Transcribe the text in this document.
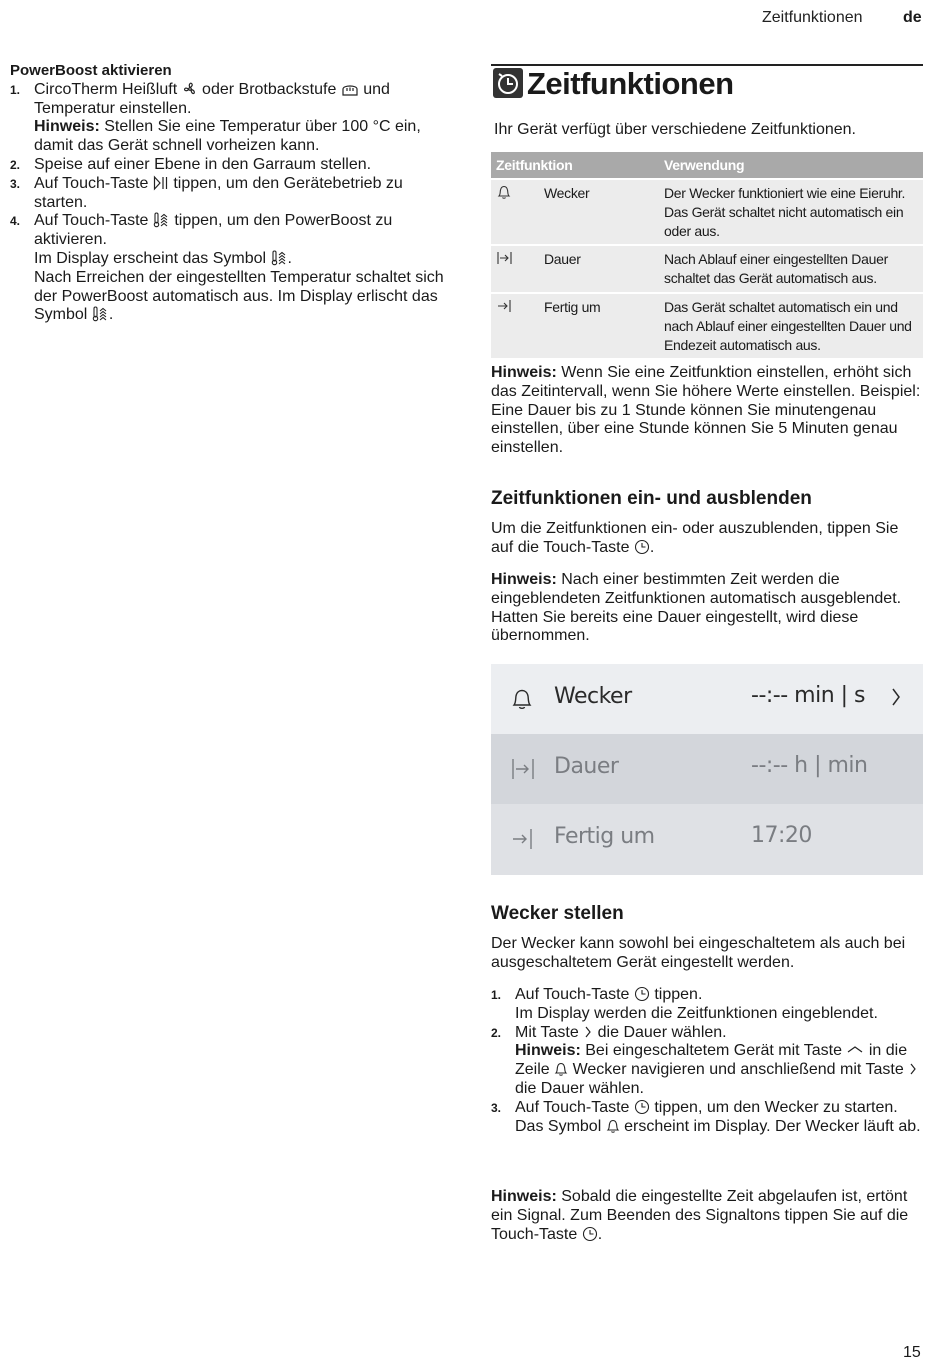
Zeitfunktionen	de
PowerBoost aktivieren
1. CircoTherm Heißluft oder Brotbackstufe und Temperatur einstellen.
Hinweis: Stellen Sie eine Temperatur über 100 °C ein, damit das Gerät schnell vorheizen kann.
2. Speise auf einer Ebene in den Garraum stellen.
3. Auf Touch-Taste tippen, um den Gerätebetrieb zu starten.
4. Auf Touch-Taste tippen, um den PowerBoost zu aktivieren.
Im Display erscheint das Symbol .
Nach Erreichen der eingestellten Temperatur schaltet sich der PowerBoost automatisch aus. Im Display erlischt das Symbol .
Zeitfunktionen
Ihr Gerät verfügt über verschiedene Zeitfunktionen.
Zeitfunktion		Verwendung
	Wecker	Der Wecker funktioniert wie eine Eieruhr. Das Gerät schaltet nicht automatisch ein oder aus.
	Dauer	Nach Ablauf einer eingestellten Dauer schaltet das Gerät automatisch aus.
	Fertig um	Das Gerät schaltet automatisch ein und nach Ablauf einer eingestellten Dauer und Endezeit automatisch aus.
Hinweis: Wenn Sie eine Zeitfunktion einstellen, erhöht sich das Zeitintervall, wenn Sie höhere Werte einstellen. Beispiel: Eine Dauer bis zu 1 Stunde können Sie minutengenau einstellen, über eine Stunde können Sie 5 Minuten genau einstellen.
Zeitfunktionen ein- und ausblenden
Um die Zeitfunktionen ein- oder auszublenden, tippen Sie auf die Touch-Taste .
Hinweis: Nach einer bestimmten Zeit werden die eingeblendeten Zeitfunktionen automatisch ausgeblendet. Hatten Sie bereits eine Dauer eingestellt, wird diese übernommen.
Wecker	--:-- min | s
Dauer	--:-- h | min
Fertig um	17:20
Wecker stellen
Der Wecker kann sowohl bei eingeschaltetem als auch bei ausgeschaltetem Gerät eingestellt werden.
1. Auf Touch-Taste tippen.
Im Display werden die Zeitfunktionen eingeblendet.
2. Mit Taste die Dauer wählen.
Hinweis: Bei eingeschaltetem Gerät mit Taste in die Zeile Wecker navigieren und anschließend mit Taste
die Dauer wählen.
3. Auf Touch-Taste tippen, um den Wecker zu starten.
Das Symbol erscheint im Display. Der Wecker läuft ab.
Hinweis: Sobald die eingestellte Zeit abgelaufen ist, ertönt ein Signal. Zum Beenden des Signaltons tippen Sie auf die Touch-Taste .
15
